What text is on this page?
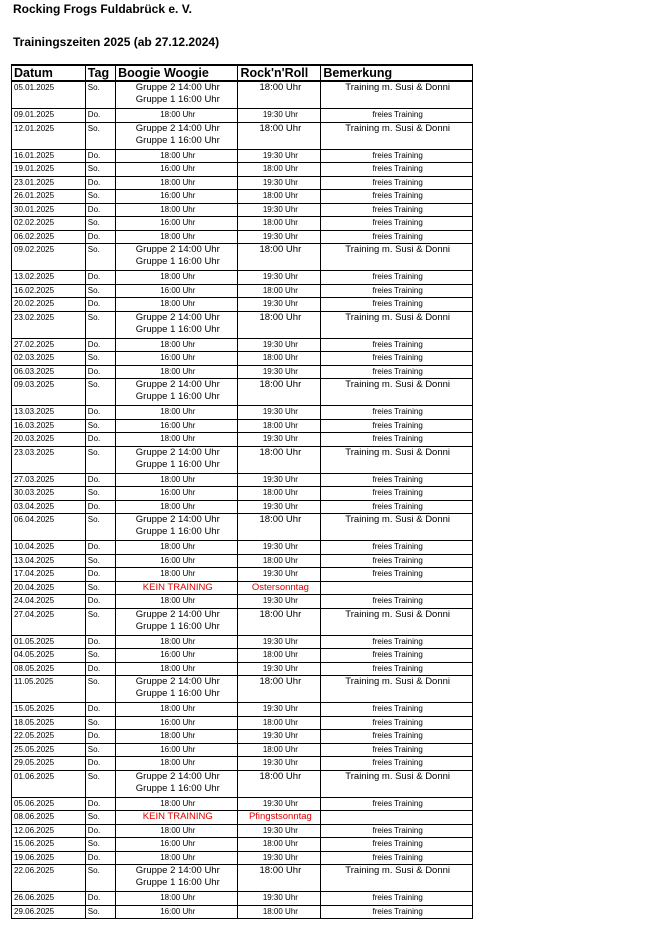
Rocking Frogs Fuldabrück e. V.
Trainingszeiten 2025 (ab 27.12.2024)
Datum	Tag	Boogie Woogie	Rock'n'Roll	Bemerkung
05.01.2025	So.	Gruppe 2 14:00 Uhr
Gruppe 1 16:00 Uhr	18:00 Uhr	Training m. Susi & Donni
09.01.2025	Do.	18:00 Uhr	19:30 Uhr	freies Training
12.01.2025	So.	Gruppe 2 14:00 Uhr
Gruppe 1 16:00 Uhr	18:00 Uhr	Training m. Susi & Donni
16.01.2025	Do.	18:00 Uhr	19:30 Uhr	freies Training
19.01.2025	So.	16:00 Uhr	18:00 Uhr	freies Training
23.01.2025	Do.	18:00 Uhr	19:30 Uhr	freies Training
26.01.2025	So.	16:00 Uhr	18:00 Uhr	freies Training
30.01.2025	Do.	18:00 Uhr	19:30 Uhr	freies Training
02.02.2025	So.	16:00 Uhr	18:00 Uhr	freies Training
06.02.2025	Do.	18:00 Uhr	19:30 Uhr	freies Training
09.02.2025	So.	Gruppe 2 14:00 Uhr
Gruppe 1 16:00 Uhr	18:00 Uhr	Training m. Susi & Donni
13.02.2025	Do.	18:00 Uhr	19:30 Uhr	freies Training
16.02.2025	So.	16:00 Uhr	18:00 Uhr	freies Training
20.02.2025	Do.	18:00 Uhr	19:30 Uhr	freies Training
23.02.2025	So.	Gruppe 2 14:00 Uhr
Gruppe 1 16:00 Uhr	18:00 Uhr	Training m. Susi & Donni
27.02.2025	Do.	18:00 Uhr	19:30 Uhr	freies Training
02.03.2025	So.	16:00 Uhr	18:00 Uhr	freies Training
06.03.2025	Do.	18:00 Uhr	19:30 Uhr	freies Training
09.03.2025	So.	Gruppe 2 14:00 Uhr
Gruppe 1 16:00 Uhr	18:00 Uhr	Training m. Susi & Donni
13.03.2025	Do.	18:00 Uhr	19:30 Uhr	freies Training
16.03.2025	So.	16:00 Uhr	18:00 Uhr	freies Training
20.03.2025	Do.	18:00 Uhr	19:30 Uhr	freies Training
23.03.2025	So.	Gruppe 2 14:00 Uhr
Gruppe 1 16:00 Uhr	18:00 Uhr	Training m. Susi & Donni
27.03.2025	Do.	18:00 Uhr	19:30 Uhr	freies Training
30.03.2025	So.	16:00 Uhr	18:00 Uhr	freies Training
03.04.2025	Do.	18:00 Uhr	19:30 Uhr	freies Training
06.04.2025	So.	Gruppe 2 14:00 Uhr
Gruppe 1 16:00 Uhr	18:00 Uhr	Training m. Susi & Donni
10.04.2025	Do.	18:00 Uhr	19:30 Uhr	freies Training
13.04.2025	So.	16:00 Uhr	18:00 Uhr	freies Training
17.04.2025	Do.	18:00 Uhr	19:30 Uhr	freies Training
20.04.2025	So.	KEIN TRAINING	Ostersonntag	
24.04.2025	Do.	18:00 Uhr	19:30 Uhr	freies Training
27.04.2025	So.	Gruppe 2 14:00 Uhr
Gruppe 1 16:00 Uhr	18:00 Uhr	Training m. Susi & Donni
01.05.2025	Do.	18:00 Uhr	19:30 Uhr	freies Training
04.05.2025	So.	16:00 Uhr	18:00 Uhr	freies Training
08.05.2025	Do.	18:00 Uhr	19:30 Uhr	freies Training
11.05.2025	So.	Gruppe 2 14:00 Uhr
Gruppe 1 16:00 Uhr	18:00 Uhr	Training m. Susi & Donni
15.05.2025	Do.	18:00 Uhr	19:30 Uhr	freies Training
18.05.2025	So.	16:00 Uhr	18:00 Uhr	freies Training
22.05.2025	Do.	18:00 Uhr	19:30 Uhr	freies Training
25.05.2025	So.	16:00 Uhr	18:00 Uhr	freies Training
29.05.2025	Do.	18:00 Uhr	19:30 Uhr	freies Training
01.06.2025	So.	Gruppe 2 14:00 Uhr
Gruppe 1 16:00 Uhr	18:00 Uhr	Training m. Susi & Donni
05.06.2025	Do.	18:00 Uhr	19:30 Uhr	freies Training
08.06.2025	So.	KEIN TRAINING	Pfingstsonntag	
12.06.2025	Do.	18:00 Uhr	19:30 Uhr	freies Training
15.06.2025	So.	16:00 Uhr	18:00 Uhr	freies Training
19.06.2025	Do.	18:00 Uhr	19:30 Uhr	freies Training
22.06.2025	So.	Gruppe 2 14:00 Uhr
Gruppe 1 16:00 Uhr	18:00 Uhr	Training m. Susi & Donni
26.06.2025	Do.	18:00 Uhr	19:30 Uhr	freies Training
29.06.2025	So.	16:00 Uhr	18:00 Uhr	freies Training
